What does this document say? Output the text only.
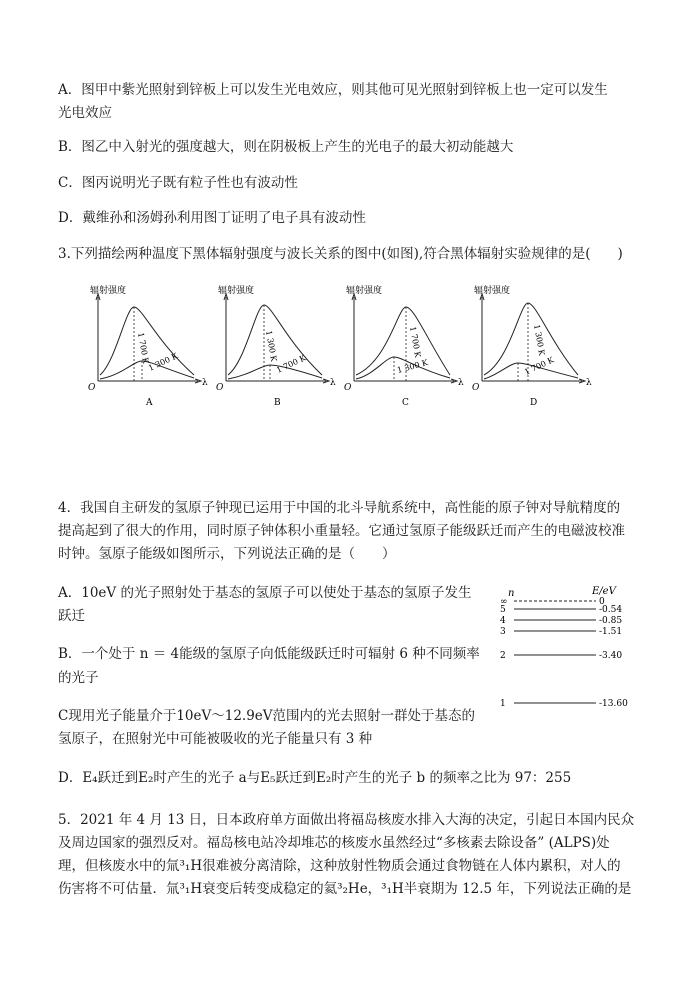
A．图甲中紫光照射到锌板上可以发生光电效应，则其他可见光照射到锌板上也一定可以发生
光电效应
B．图乙中入射光的强度越大，则在阴极板上产生的光电子的最大初动能越大
C．图丙说明光子既有粒子性也有波动性
D．戴维孙和汤姆孙利用图丁证明了电子具有波动性
3.下列描绘两种温度下黑体辐射强度与波长关系的图中(如图),符合黑体辐射实验规律的是(　　)
辐射强度
O	λ
A
1 700 K
1 300 K
辐射强度
O	λ
B
1 300 K
1 700 K
辐射强度
O	λ
C
1 700 K
1 300 K
辐射强度
O	λ
D
1 300 K
1 700 K
4．我国自主研发的氢原子钟现已运用于中国的北斗导航系统中，高性能的原子钟对导航精度的
提高起到了很大的作用，同时原子钟体积小重量轻。它通过氢原子能级跃迁而产生的电磁波校准
时钟。氢原子能级如图所示，下列说法正确的是（　　）
A．10eV 的光子照射处于基态的氢原子可以使处于基态的氢原子发生
跃迁
B．一个处于 n ＝ 4能级的氢原子向低能级跃迁时可辐射 6 种不同频率
的光子
C现用光子能量介于10eV～12.9eV范围内的光去照射一群处于基态的
氢原子，在照射光中可能被吸收的光子能量只有 3 种
D．E₄跃迁到E₂时产生的光子 a与E₅跃迁到E₂时产生的光子 b 的频率之比为 97：255
n	E/eV
∞	0
5	-0.54
4	-0.85
3	-1.51
2	-3.40
1	-13.60
5．2021 年 4 月 13 日，日本政府单方面做出将福岛核废水排入大海的决定，引起日本国内民众
及周边国家的强烈反对。福岛核电站冷却堆芯的核废水虽然经过“多核素去除设备” (ALPS)处
理，但核废水中的氚³₁H很难被分离清除，这种放射性物质会通过食物链在人体内累积，对人的
伤害将不可估量．氚³₁H衰变后转变成稳定的氦³₂He，³₁H半衰期为 12.5 年，下列说法正确的是
